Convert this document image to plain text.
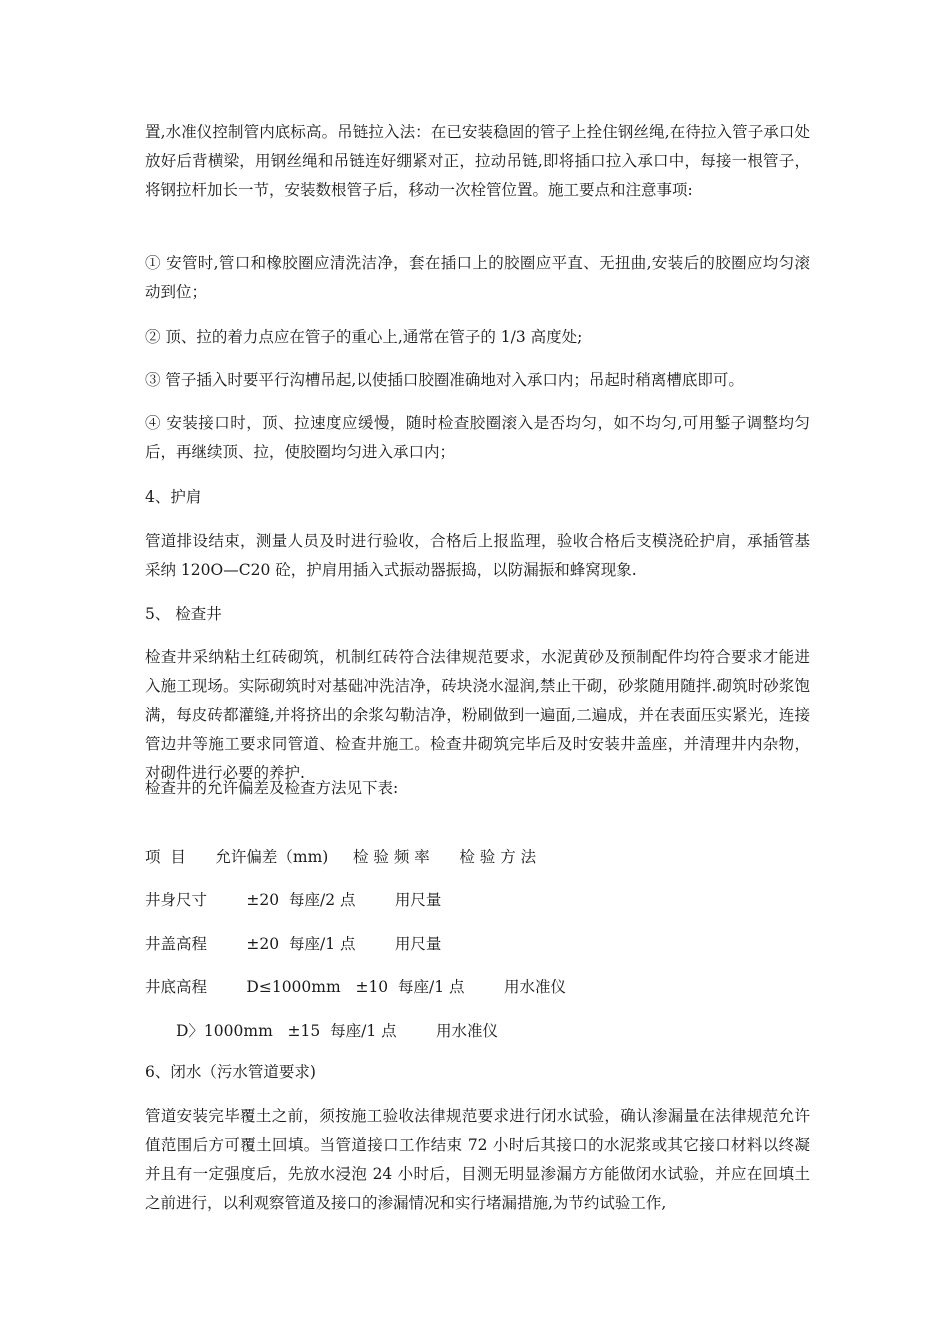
置,水准仪控制管内底标高。吊链拉入法：在已安装稳固的管子上拴住钢丝绳,在待拉入管子承口处放好后背横梁，用钢丝绳和吊链连好绷紧对正，拉动吊链,即将插口拉入承口中，每接一根管子，将钢拉杆加长一节，安装数根管子后，移动一次栓管位置。施工要点和注意事项:

① 安管时,管口和橡胶圈应清洗洁净，套在插口上的胶圈应平直、无扭曲,安装后的胶圈应均匀滚动到位；

② 顶、拉的着力点应在管子的重心上,通常在管子的 1/3 高度处;

③ 管子插入时要平行沟槽吊起,以使插口胶圈准确地对入承口内；吊起时稍离槽底即可。

④ 安装接口时，顶、拉速度应缓慢，随时检查胶圈滚入是否均匀，如不均匀,可用錾子调整均匀后，再继续顶、拉，使胶圈均匀进入承口内；

4、护肩

管道排设结束，测量人员及时进行验收，合格后上报监理，验收合格后支模浇砼护肩，承插管基采纳 120O—C20 砼，护肩用插入式振动器振捣，以防漏振和蜂窝现象.

5、 检查井

检查井采纳粘土红砖砌筑，机制红砖符合法律规范要求，水泥黄砂及预制配件均符合要求才能进入施工现场。实际砌筑时对基础冲洗洁净，砖块浇水湿润,禁止干砌，砂浆随用随拌.砌筑时砂浆饱满，每皮砖都灌缝,并将挤出的余浆勾勒洁净，粉刷做到一遍面,二遍成，并在表面压实紧光，连接管边井等施工要求同管道、检查井施工。检查井砌筑完毕后及时安装井盖座，并清理井内杂物，对砌件进行必要的养护.

检查井的允许偏差及检查方法见下表:

项  目      允许偏差（mm)     检 验 频 率      检 验 方 法

井身尺寸        ±20  每座/2 点        用尺量

井盖高程        ±20  每座/1 点        用尺量

井底高程        D≤1000mm   ±10  每座/1 点        用水准仪

D〉1000mm   ±15  每座/1 点        用水准仪

6、闭水（污水管道要求)

管道安装完毕覆土之前，须按施工验收法律规范要求进行闭水试验，确认渗漏量在法律规范允许值范围后方可覆土回填。当管道接口工作结束 72 小时后其接口的水泥浆或其它接口材料以终凝并且有一定强度后，先放水浸泡 24 小时后，目测无明显渗漏方方能做闭水试验，并应在回填土之前进行，以利观察管道及接口的渗漏情况和实行堵漏措施,为节约试验工作,
